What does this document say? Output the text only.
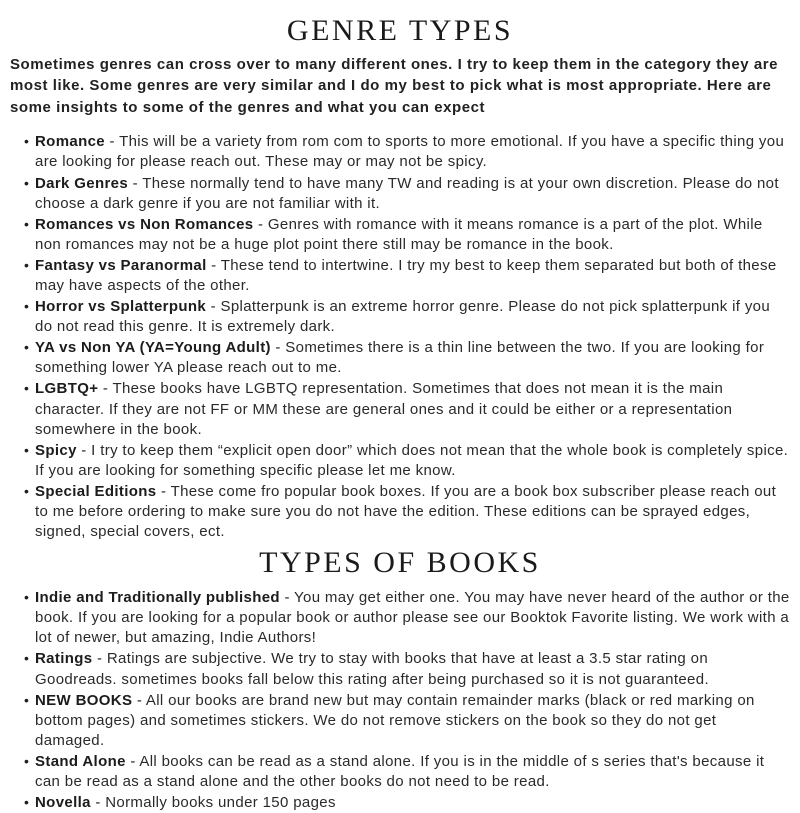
GENRE TYPES

Sometimes genres can cross over to many different ones. I try to keep them in the category they are most like. Some genres are very similar and I do my best to pick what is most appropriate. Here are some insights to some of the genres and what you can expect

• Romance - This will be a variety from rom com to sports to more emotional. If you have a specific thing you are looking for please reach out. These may or may not be spicy.
• Dark Genres - These normally tend to have many TW and reading is at your own discretion. Please do not choose a dark genre if you are not familiar with it.
• Romances vs Non Romances - Genres with romance with it means romance is a part of the plot. While non romances may not be a huge plot point there still may be romance in the book.
• Fantasy vs Paranormal - These tend to intertwine. I try my best to keep them separated but both of these may have aspects of the other.
• Horror vs Splatterpunk - Splatterpunk is an extreme horror genre. Please do not pick splatterpunk if you do not read this genre. It is extremely dark.
• YA vs Non YA (YA=Young Adult) - Sometimes there is a thin line between the two. If you are looking for something lower YA please reach out to me.
• LGBTQ+ - These books have LGBTQ representation. Sometimes that does not mean it is the main character. If they are not FF or MM these are general ones and it could be either or a representation somewhere in the book.
• Spicy - I try to keep them “explicit open door” which does not mean that the whole book is completely spice. If you are looking for something specific please let me know.
• Special Editions - These come fro popular book boxes. If you are a book box subscriber please reach out to me before ordering to make sure you do not have the edition. These editions can be sprayed edges, signed, special covers, ect.
TYPES OF BOOKS
• Indie and Traditionally published - You may get either one. You may have never heard of the author or the book. If you are looking for a popular book or author please see our Booktok Favorite listing. We work with a lot of newer, but amazing, Indie Authors!
• Ratings - Ratings are subjective. We try to stay with books that have at least a 3.5 star rating on Goodreads. sometimes books fall below this rating after being purchased so it is not guaranteed.
• NEW BOOKS - All our books are brand new but may contain remainder marks (black or red marking on bottom pages) and sometimes stickers. We do not remove stickers on the book so they do not get damaged.
• Stand Alone - All books can be read as a stand alone. If you is in the middle of s series that's because it can be read as a stand alone and the other books do not need to be read.
• Novella - Normally books under 150 pages
